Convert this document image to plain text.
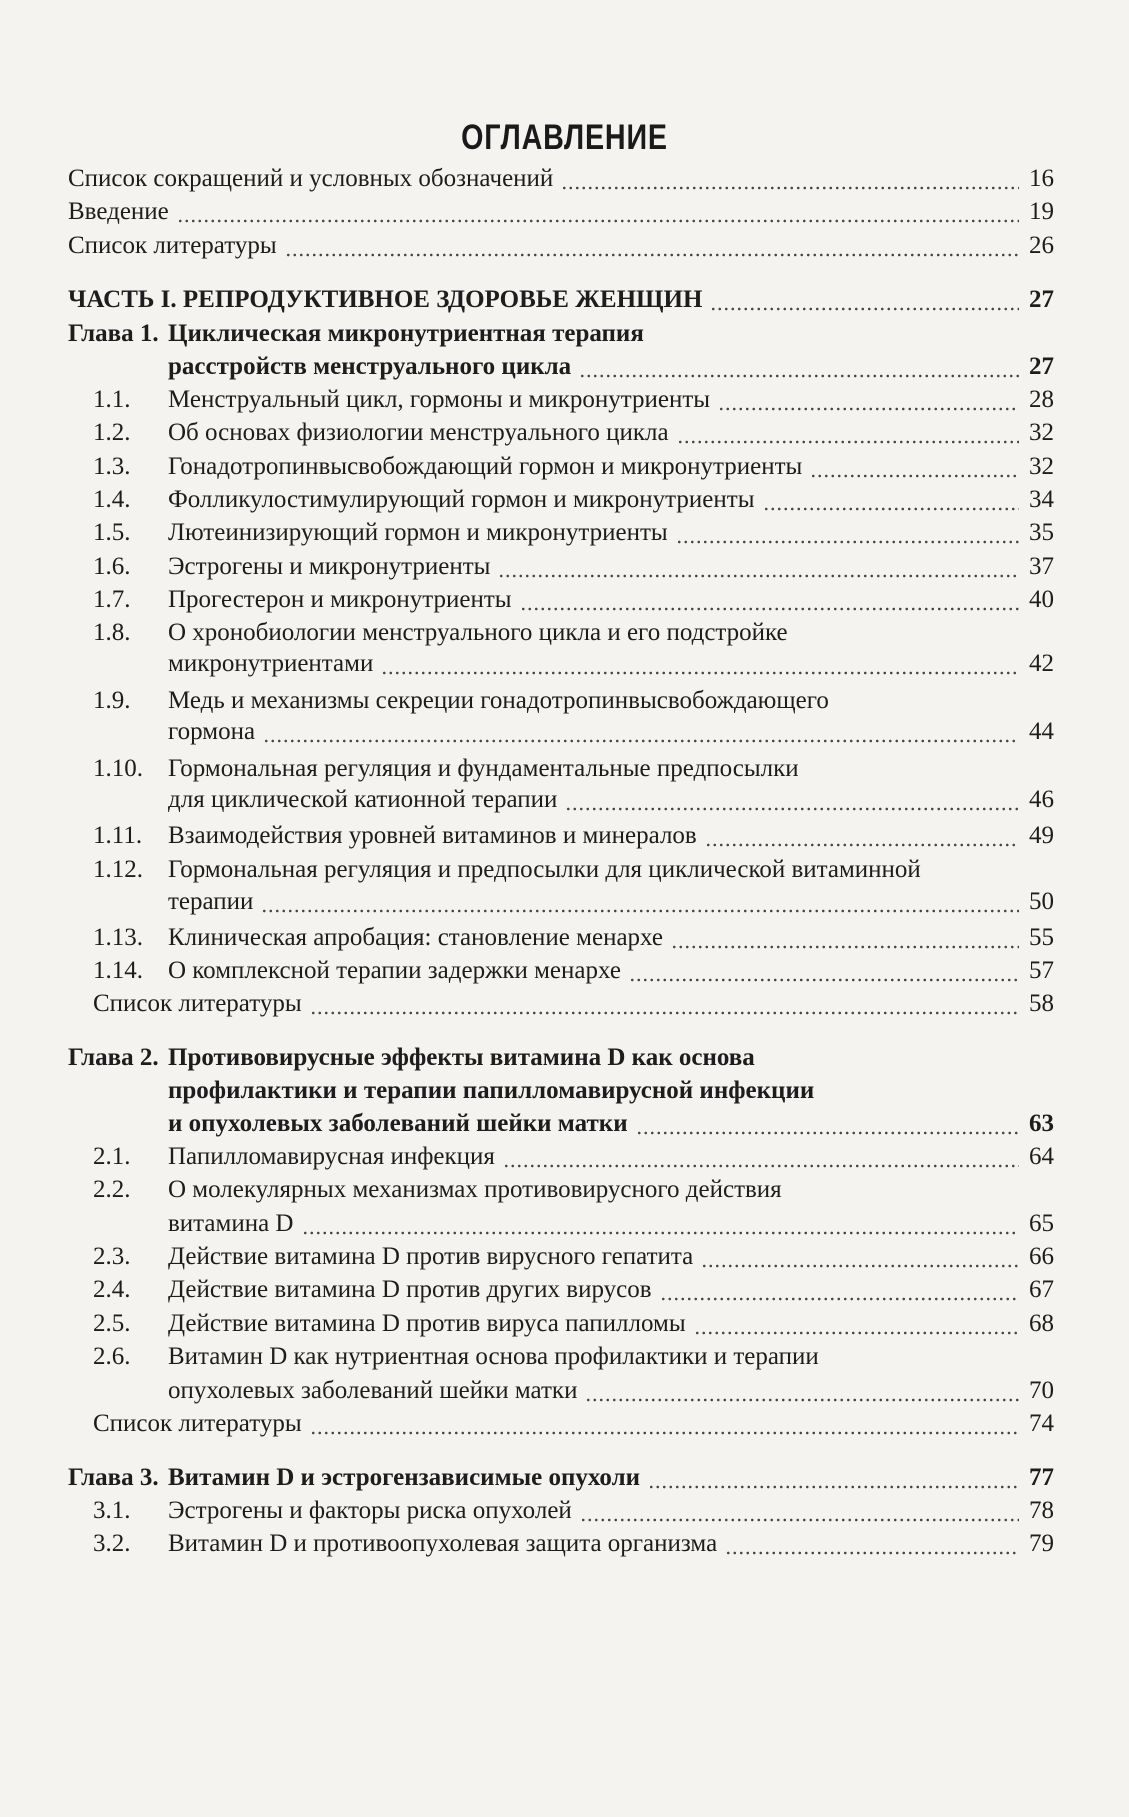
ОГЛАВЛЕНИЕ
Список сокращений и условных обозначений	16
Введение	19
Список литературы	26
ЧАСТЬ I. РЕПРОДУКТИВНОЕ ЗДОРОВЬЕ ЖЕНЩИН	27
Глава 1. Циклическая микронутриентная терапия
расстройств менструального цикла	27
1.1. Менструальный цикл, гормоны и микронутриенты	28
1.2. Об основах физиологии менструального цикла	32
1.3. Гонадотропинвысвобождающий гормон и микронутриенты	32
1.4. Фолликулостимулирующий гормон и микронутриенты	34
1.5. Лютеинизирующий гормон и микронутриенты	35
1.6. Эстрогены и микронутриенты	37
1.7. Прогестерон и микронутриенты	40
1.8. О хронобиологии менструального цикла и его подстройке
микронутриентами	42
1.9. Медь и механизмы секреции гонадотропинвысвобождающего
гормона	44
1.10. Гормональная регуляция и фундаментальные предпосылки
для циклической катионной терапии	46
1.11. Взаимодействия уровней витаминов и минералов	49
1.12. Гормональная регуляция и предпосылки для циклической витаминной
терапии	50
1.13. Клиническая апробация: становление менархе	55
1.14. О комплексной терапии задержки менархе	57
Список литературы	58
Глава 2. Противовирусные эффекты витамина D как основа
профилактики и терапии папилломавирусной инфекции
и опухолевых заболеваний шейки матки	63
2.1. Папилломавирусная инфекция	64
2.2. О молекулярных механизмах противовирусного действия
витамина D	65
2.3. Действие витамина D против вирусного гепатита	66
2.4. Действие витамина D против других вирусов	67
2.5. Действие витамина D против вируса папилломы	68
2.6. Витамин D как нутриентная основа профилактики и терапии
опухолевых заболеваний шейки матки	70
Список литературы	74
Глава 3. Витамин D и эстрогензависимые опухоли	77
3.1. Эстрогены и факторы риска опухолей	78
3.2. Витамин D и противоопухолевая защита организма	79
